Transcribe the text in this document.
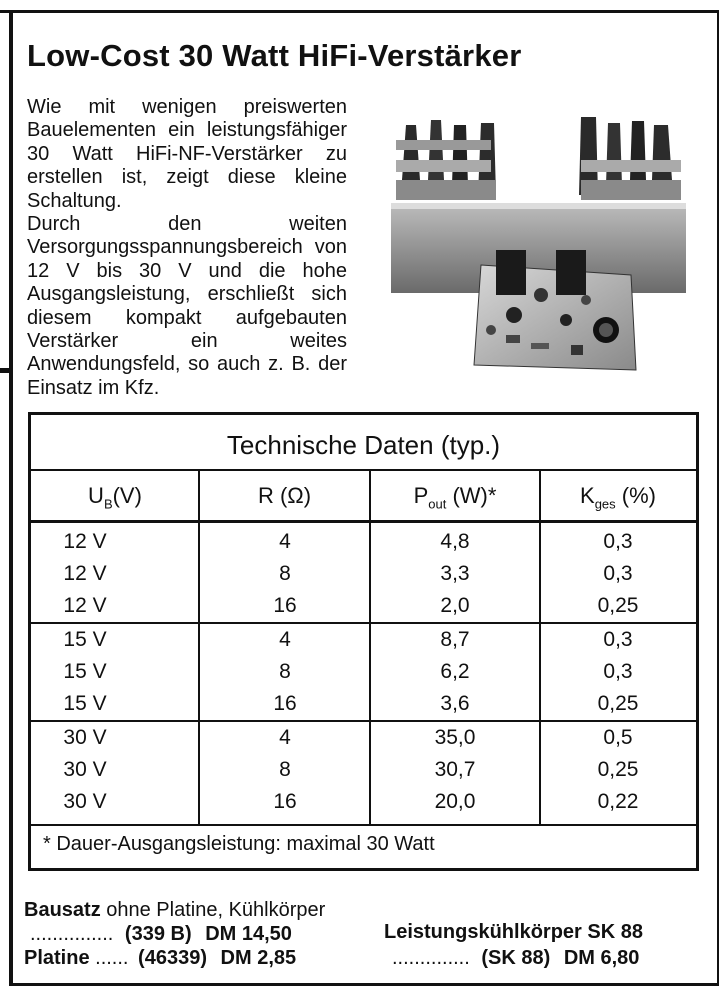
Low-Cost 30 Watt HiFi-Verstärker

Wie mit wenigen preiswerten Bauelementen ein leistungsfähiger 30 Watt HiFi-NF-Verstärker zu erstellen ist, zeigt diese kleine Schaltung.

Durch den weiten Versorgungsspannungsbereich von 12 V bis 30 V und die hohe Ausgangsleistung, erschließt sich diesem kompakt aufgebauten Verstärker ein weites Anwendungsfeld, so auch z. B. der Einsatz im Kfz.

Technische Daten (typ.)
$U_B(V)$	R (Ω)	$P_{out}$ (W)*	$K_{ges}$ (%)
12 V	4	4,8	0,3
12 V	8	3,3	0,3
12 V	16	2,0	0,25
15 V	4	8,7	0,3
15 V	8	6,2	0,3
15 V	16	3,6	0,25
30 V	4	35,0	0,5
30 V	8	30,7	0,25
30 V	16	20,0	0,22
* Dauer-Ausgangsleistung: maximal 30 Watt
Bausatz ohne Platine, Kühlkörper
............... (339 B) DM 14,50
Platine ...... (46339) DM 2,85
Leistungskühlkörper SK 88
.............. (SK 88) DM 6,80
